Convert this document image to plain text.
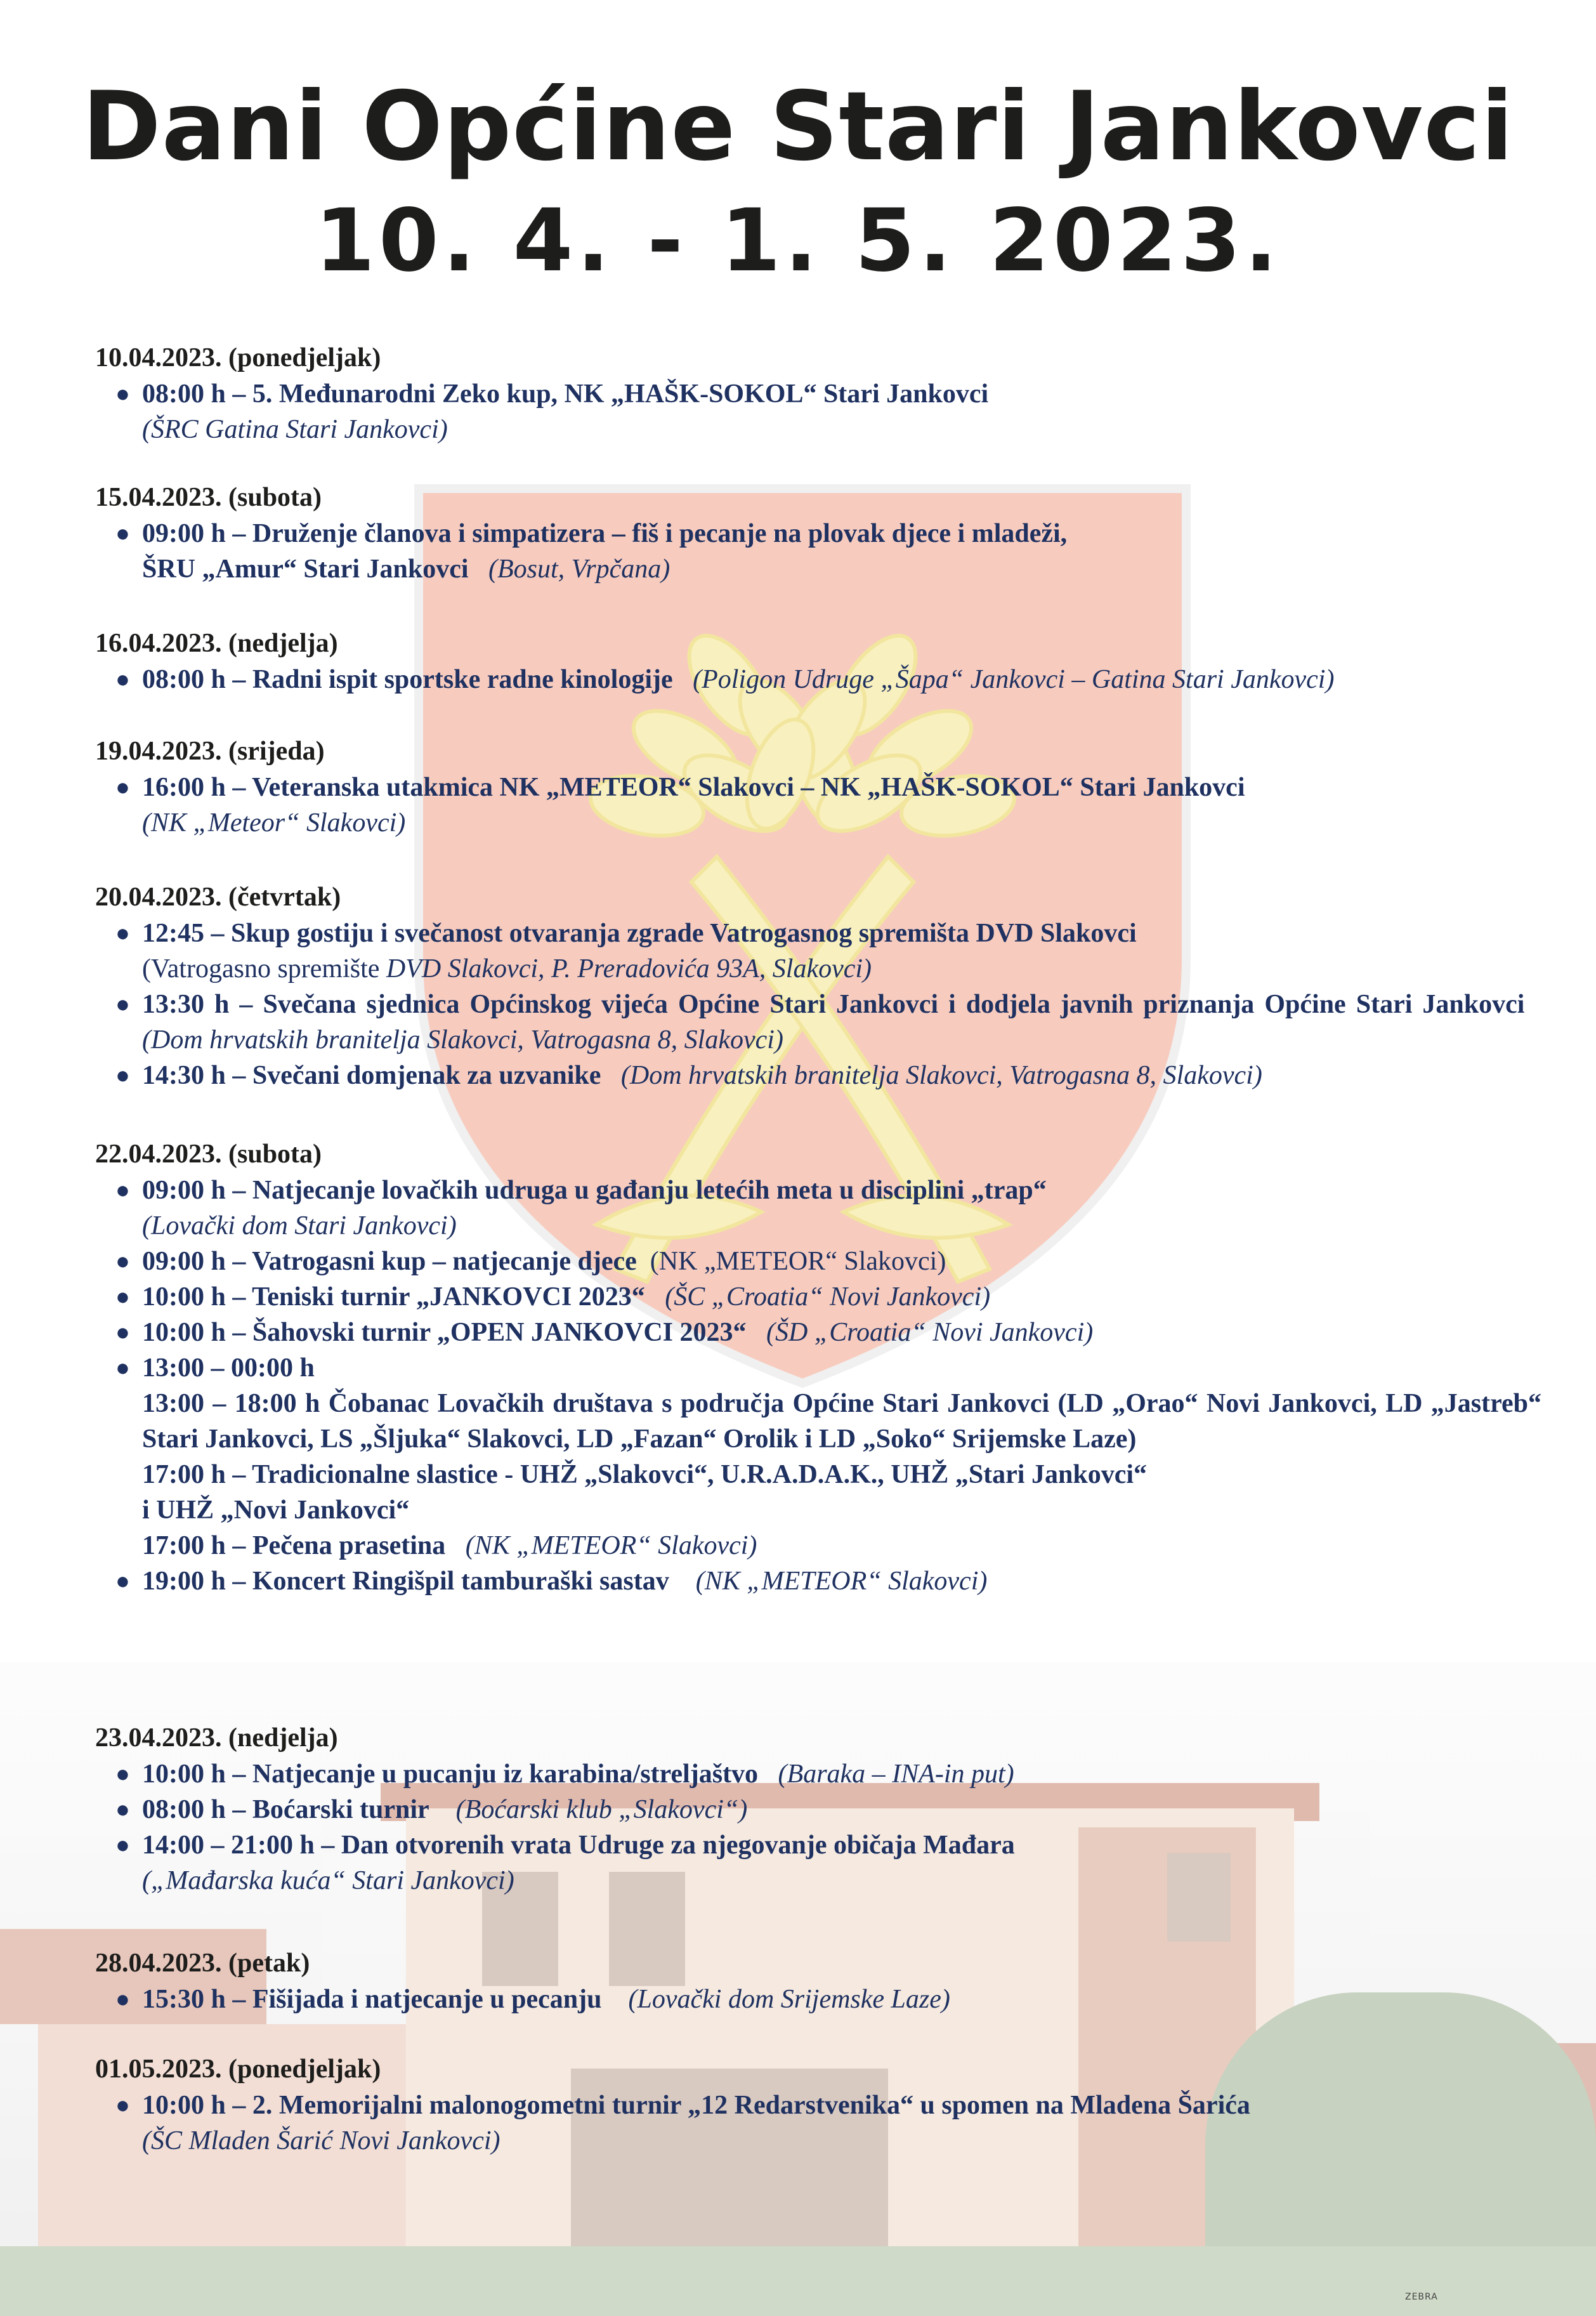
Dani Općine Stari Jankovci
10. 4. - 1. 5. 2023.
10.04.2023. (ponedjeljak)
● 08:00 h – 5. Međunarodni Zeko kup, NK „HAŠK-SOKOL“ Stari Jankovci
(ŠRC Gatina Stari Jankovci)
15.04.2023. (subota)
● 09:00 h – Druženje članova i simpatizera – fiš i pecanje na plovak djece i mladeži,
ŠRU „Amur“ Stari Jankovci (Bosut, Vrpčana)
16.04.2023. (nedjelja)
● 08:00 h – Radni ispit sportske radne kinologije (Poligon Udruge „Šapa“ Jankovci – Gatina Stari Jankovci)
19.04.2023. (srijeda)
● 16:00 h – Veteranska utakmica NK „METEOR“ Slakovci – NK „HAŠK-SOKOL“ Stari Jankovci
(NK „Meteor“ Slakovci)
20.04.2023. (četvrtak)
● 12:45 – Skup gostiju i svečanost otvaranja zgrade Vatrogasnog spremišta DVD Slakovci
(Vatrogasno spremište DVD Slakovci, P. Preradovića 93A, Slakovci)
● 13:30 h – Svečana sjednica Općinskog vijeća Općine Stari Jankovci i dodjela javnih priznanja Općine Stari Jankovci   (Dom hrvatskih branitelja Slakovci, Vatrogasna 8, Slakovci)
● 14:30 h – Svečani domjenak za uzvanike (Dom hrvatskih branitelja Slakovci, Vatrogasna 8, Slakovci)
22.04.2023. (subota)
● 09:00 h – Natjecanje lovačkih udruga u gađanju letećih meta u disciplini „trap“
(Lovački dom Stari Jankovci)
● 09:00 h – Vatrogasni kup – natjecanje djece (NK „METEOR“ Slakovci)
● 10:00 h – Teniski turnir „JANKOVCI 2023“ (ŠC „Croatia“ Novi Jankovci)
● 10:00 h – Šahovski turnir „OPEN JANKOVCI 2023“ (ŠD „Croatia“ Novi Jankovci)
● 13:00 – 00:00 h
13:00 – 18:00 h Čobanac Lovačkih društava s područja Općine Stari Jankovci (LD „Orao“ Novi Jankovci, LD „Jastreb“ Stari Jankovci, LS „Šljuka“ Slakovci, LD „Fazan“ Orolik i LD „Soko“ Srijemske Laze)
17:00 h – Tradicionalne slastice - UHŽ „Slakovci“, U.R.A.D.A.K., UHŽ „Stari Jankovci“
i UHŽ „Novi Jankovci“
17:00 h – Pečena prasetina (NK „METEOR“ Slakovci)
● 19:00 h – Koncert Ringišpil tamburaški sastav (NK „METEOR“ Slakovci)
23.04.2023. (nedjelja)
● 10:00 h – Natjecanje u pucanju iz karabina/streljaštvo (Baraka – INA-in put)
● 08:00 h – Boćarski turnir (Boćarski klub „Slakovci“)
● 14:00 – 21:00 h – Dan otvorenih vrata Udruge za njegovanje običaja Mađara
(„Mađarska kuća“ Stari Jankovci)
28.04.2023. (petak)
● 15:30 h – Fišijada i natjecanje u pecanju (Lovački dom Srijemske Laze)
01.05.2023. (ponedjeljak)
● 10:00 h – 2. Memorijalni malonogometni turnir „12 Redarstvenika“ u spomen na Mladena Šarića
(ŠC Mladen Šarić Novi Jankovci)
ZEBRA
